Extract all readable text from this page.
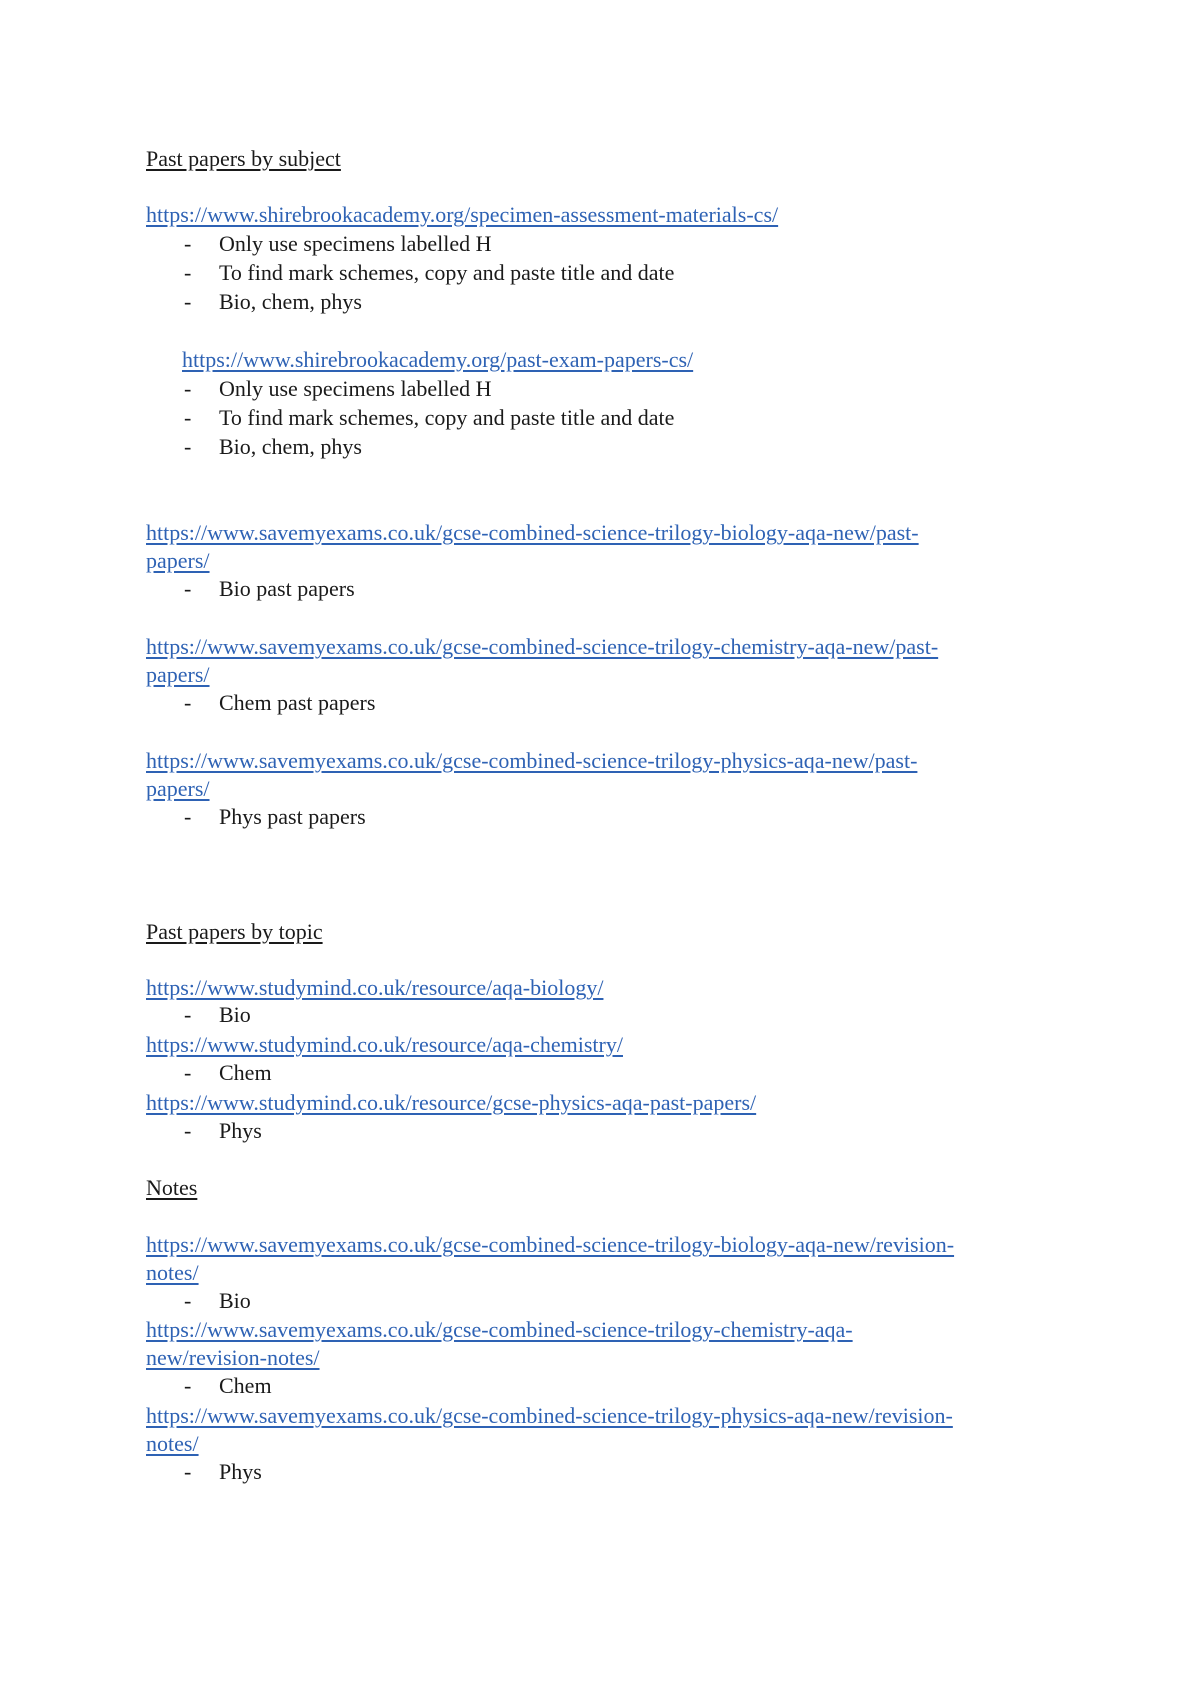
Past papers by subject

https://www.shirebrookacademy.org/specimen-assessment-materials-cs/

- Only use specimens labelled H

- To find mark schemes, copy and paste title and date

- Bio, chem, phys

https://www.shirebrookacademy.org/past-exam-papers-cs/

- Only use specimens labelled H

- To find mark schemes, copy and paste title and date

- Bio, chem, phys

https://www.savemyexams.co.uk/gcse-combined-science-trilogy-biology-aqa-new/past-
papers/

- Bio past papers

https://www.savemyexams.co.uk/gcse-combined-science-trilogy-chemistry-aqa-new/past-
papers/

- Chem past papers

https://www.savemyexams.co.uk/gcse-combined-science-trilogy-physics-aqa-new/past-
papers/

- Phys past papers

Past papers by topic

https://www.studymind.co.uk/resource/aqa-biology/

- Bio

https://www.studymind.co.uk/resource/aqa-chemistry/

- Chem

https://www.studymind.co.uk/resource/gcse-physics-aqa-past-papers/

- Phys

Notes

https://www.savemyexams.co.uk/gcse-combined-science-trilogy-biology-aqa-new/revision-
notes/

- Bio

https://www.savemyexams.co.uk/gcse-combined-science-trilogy-chemistry-aqa-
new/revision-notes/

- Chem

https://www.savemyexams.co.uk/gcse-combined-science-trilogy-physics-aqa-new/revision-
notes/

- Phys
